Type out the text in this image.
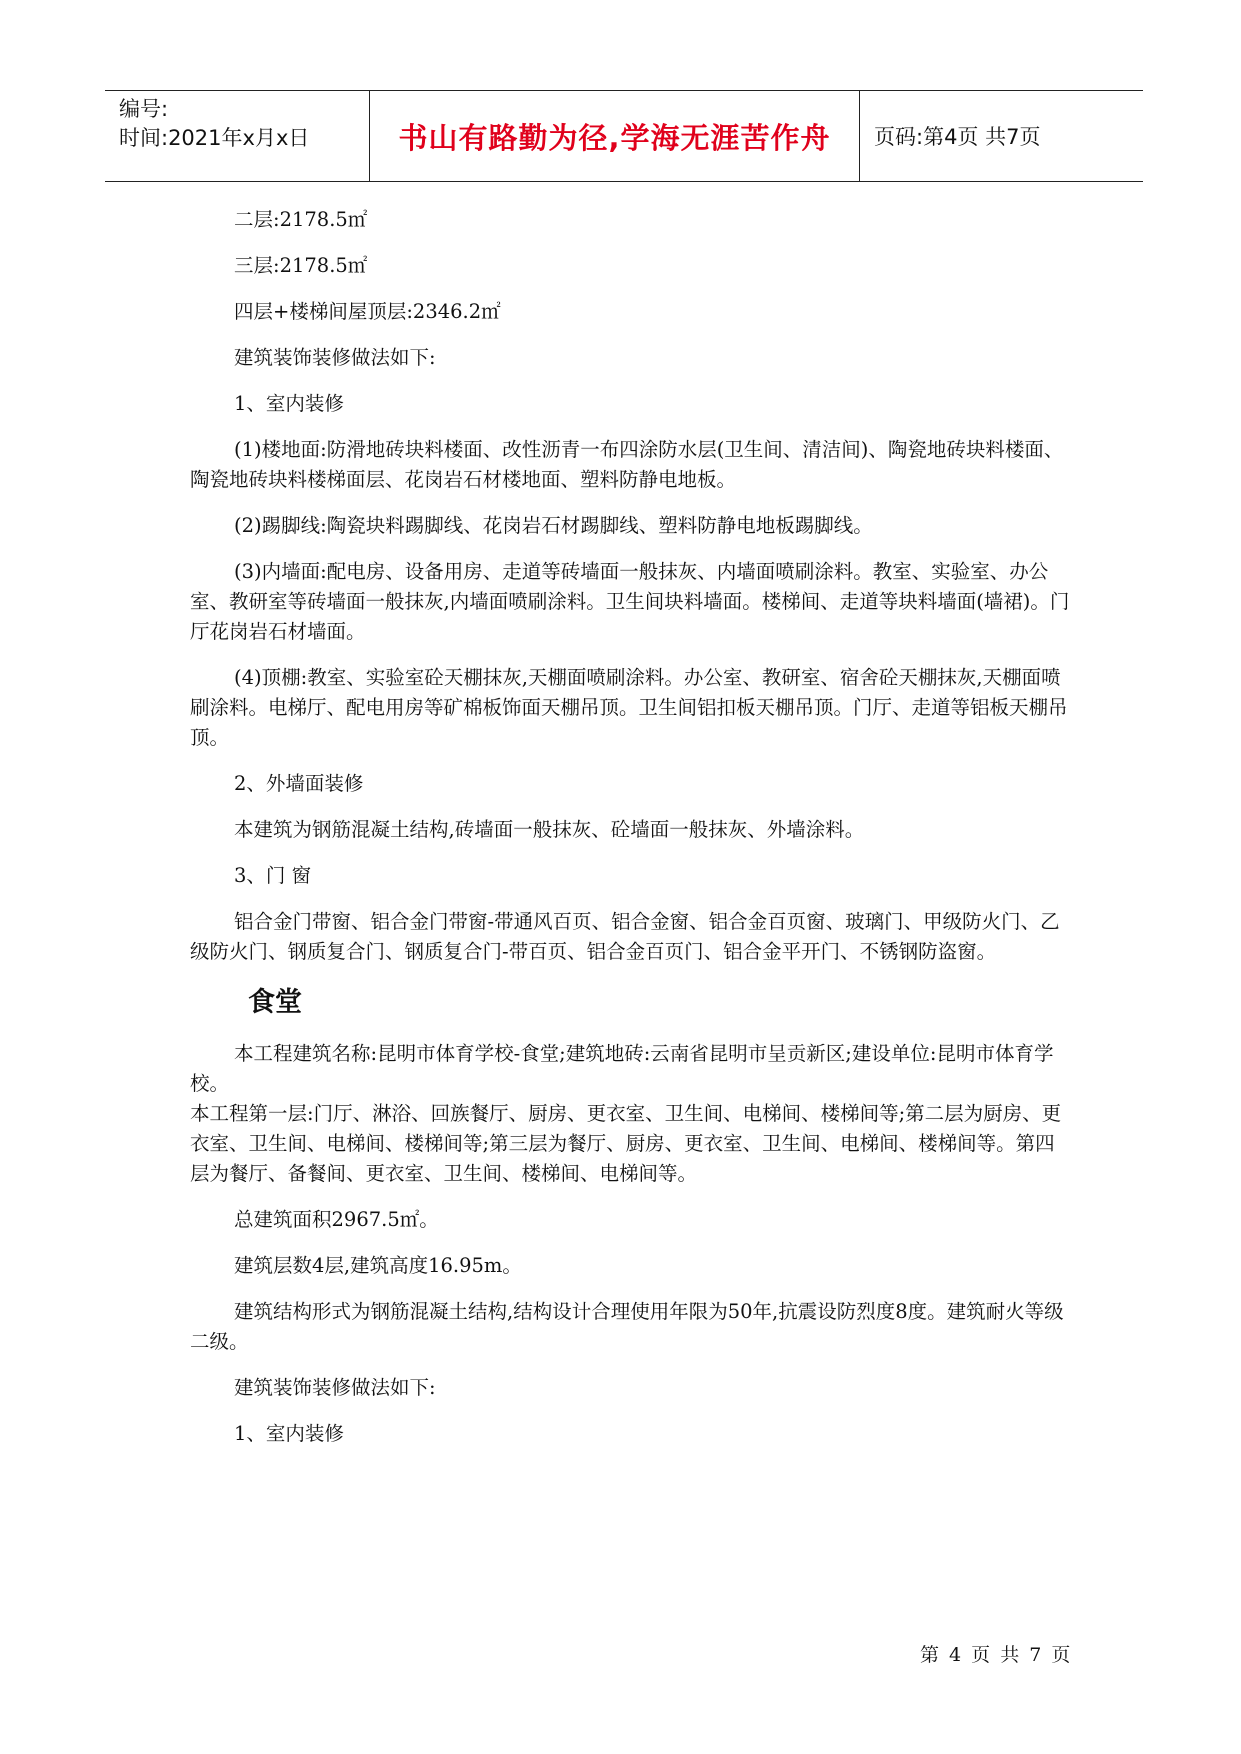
编号:
时间:2021年x月x日	书山有路勤为径,学海无涯苦作舟	页码:第4页 共7页

二层:2178.5㎡

三层:2178.5㎡

四层+楼梯间屋顶层:2346.2㎡

建筑装饰装修做法如下:

1、室内装修

(1)楼地面:防滑地砖块料楼面、改性沥青一布四涂防水层(卫生间、清洁间)、陶瓷地砖块料楼面、陶瓷地砖块料楼梯面层、花岗岩石材楼地面、塑料防静电地板。

(2)踢脚线:陶瓷块料踢脚线、花岗岩石材踢脚线、塑料防静电地板踢脚线。

(3)内墙面:配电房、设备用房、走道等砖墙面一般抹灰、内墙面喷刷涂料。教室、实验室、办公室、教研室等砖墙面一般抹灰,内墙面喷刷涂料。卫生间块料墙面。楼梯间、走道等块料墙面(墙裙)。门厅花岗岩石材墙面。

(4)顶棚:教室、实验室砼天棚抹灰,天棚面喷刷涂料。办公室、教研室、宿舍砼天棚抹灰,天棚面喷刷涂料。电梯厅、配电用房等矿棉板饰面天棚吊顶。卫生间铝扣板天棚吊顶。门厅、走道等铝板天棚吊顶。

2、外墙面装修

本建筑为钢筋混凝土结构,砖墙面一般抹灰、砼墙面一般抹灰、外墙涂料。

3、门 窗

铝合金门带窗、铝合金门带窗-带通风百页、铝合金窗、铝合金百页窗、玻璃门、甲级防火门、乙级防火门、钢质复合门、钢质复合门-带百页、铝合金百页门、铝合金平开门、不锈钢防盗窗。

食堂

本工程建筑名称:昆明市体育学校-食堂;建筑地砖:云南省昆明市呈贡新区;建设单位:昆明市体育学校。

本工程第一层:门厅、淋浴、回族餐厅、厨房、更衣室、卫生间、电梯间、楼梯间等;第二层为厨房、更衣室、卫生间、电梯间、楼梯间等;第三层为餐厅、厨房、更衣室、卫生间、电梯间、楼梯间等。第四层为餐厅、备餐间、更衣室、卫生间、楼梯间、电梯间等。

总建筑面积2967.5㎡。

建筑层数4层,建筑高度16.95m。

建筑结构形式为钢筋混凝土结构,结构设计合理使用年限为50年,抗震设防烈度8度。建筑耐火等级二级。

建筑装饰装修做法如下:

1、室内装修

第 4 页 共 7 页
